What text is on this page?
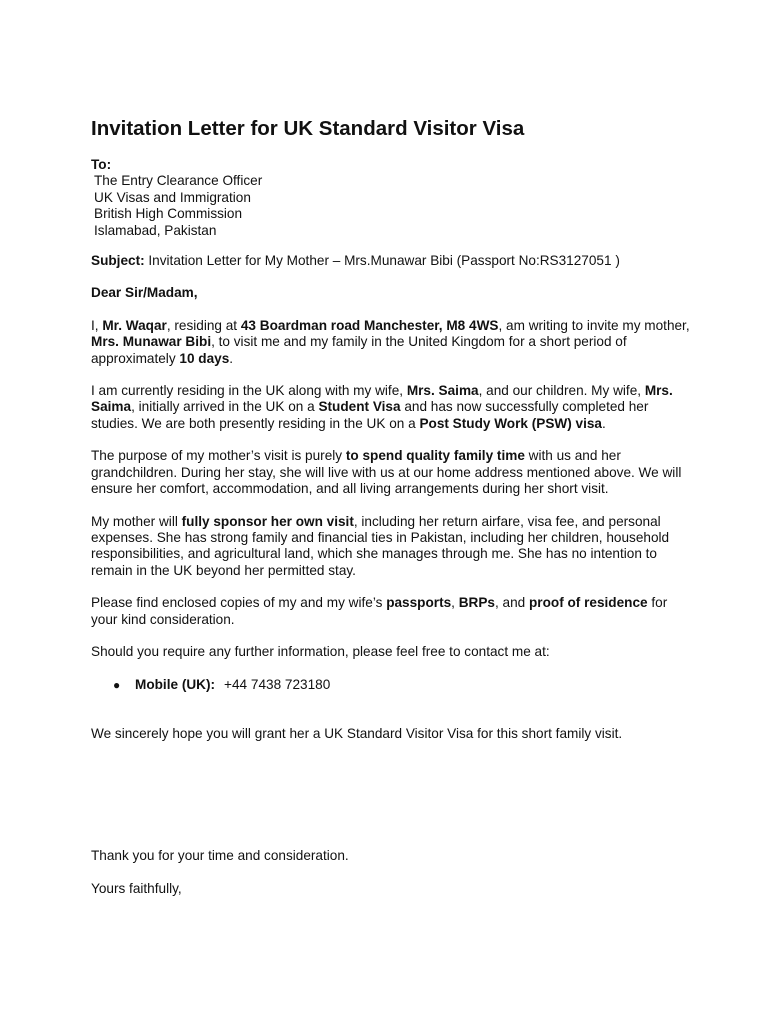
Invitation Letter for UK Standard Visitor Visa
To:
The Entry Clearance Officer
UK Visas and Immigration
British High Commission
Islamabad, Pakistan
Subject: Invitation Letter for My Mother – Mrs.Munawar Bibi (Passport No:RS3127051 )
Dear Sir/Madam,
I, Mr. Waqar, residing at 43 Boardman road Manchester, M8 4WS, am writing to invite my mother, Mrs. Munawar Bibi, to visit me and my family in the United Kingdom for a short period of approximately 10 days.
I am currently residing in the UK along with my wife, Mrs. Saima, and our children. My wife, Mrs. Saima, initially arrived in the UK on a Student Visa and has now successfully completed her studies. We are both presently residing in the UK on a Post Study Work (PSW) visa.
The purpose of my mother’s visit is purely to spend quality family time with us and her grandchildren. During her stay, she will live with us at our home address mentioned above. We will ensure her comfort, accommodation, and all living arrangements during her short visit.
My mother will fully sponsor her own visit, including her return airfare, visa fee, and personal expenses. She has strong family and financial ties in Pakistan, including her children, household responsibilities, and agricultural land, which she manages through me. She has no intention to remain in the UK beyond her permitted stay.
Please find enclosed copies of my and my wife’s passports, BRPs, and proof of residence for your kind consideration.
Should you require any further information, please feel free to contact me at:
●	Mobile (UK): +44 7438 723180
We sincerely hope you will grant her a UK Standard Visitor Visa for this short family visit.
Thank you for your time and consideration.
Yours faithfully,
